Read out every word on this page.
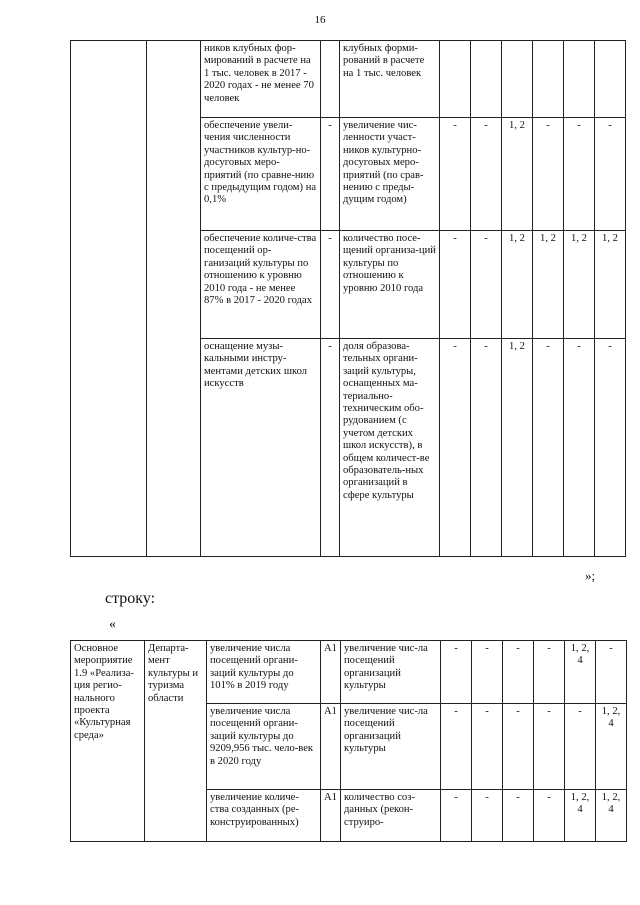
16
		ников клубных фор-мирований в расчете на 1 тыс. человек в 2017 - 2020 годах - не менее 70 человек		клубных форми-рований в расчете на 1 тыс. человек						
		обеспечение увели-чения численности участников культур-но-досуговых меро-приятий (по сравне-нию с предыдущим годом) на 0,1%	-	увеличение чис-ленности участ-ников культурно-досуговых меро-приятий (по срав-нению с преды-дущим годом)	-	-	1, 2	-	-	-
		обеспечение количе-ства посещений ор-ганизаций культуры по отношению к уровню 2010 года - не менее 87% в 2017 - 2020 годах	-	количество посе-щений организа-ций культуры по отношению к уровню 2010 года	-	-	1, 2	1, 2	1, 2	1, 2
		оснащение музы-кальными инстру-ментами детских школ искусств	-	доля образова-тельных органи-заций культуры, оснащенных ма-териально-техническим обо-рудованием (с учетом детских школ искусств), в общем количест-ве образователь-ных организаций в сфере культуры	-	-	1, 2	-	-	-
»;
строку:
«
Основное мероприятие 1.9 «Реализа-ция регио-нального проекта «Культурная среда»	Департа-мент культуры и туризма области	увеличение числа посещений органи-заций культуры до 101% в 2019 году	А1	увеличение чис-ла посещений организаций культуры	-	-	-	-	1, 2, 4	-
		увеличение числа посещений органи-заций культуры до 9209,956 тыс. чело-век в 2020 году	А1	увеличение чис-ла посещений организаций культуры	-	-	-	-	-	1, 2, 4
		увеличение количе-ства созданных (ре-конструированных)	А1	количество соз-данных (рекон-струиро-	-	-	-	-	1, 2, 4	1, 2, 4
